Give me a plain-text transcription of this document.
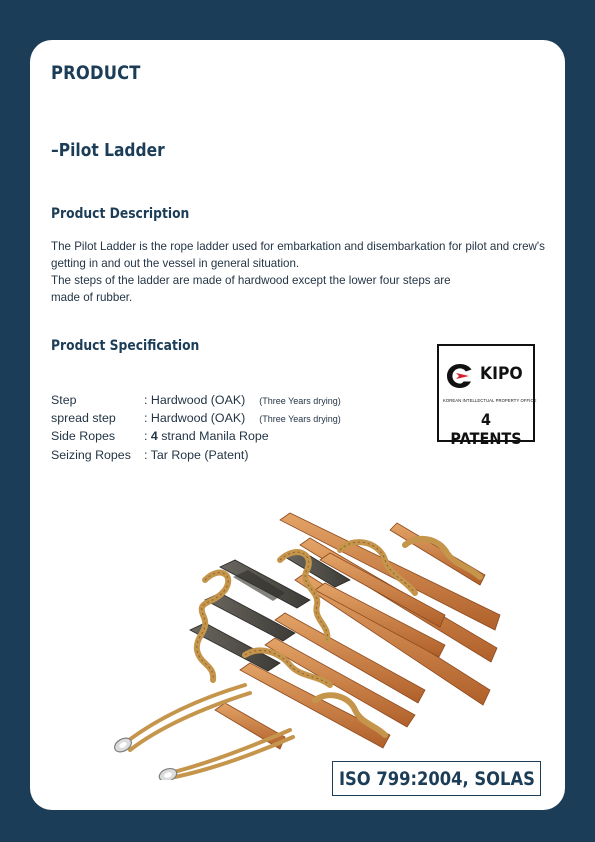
PRODUCT
–Pilot Ladder
Product Description

The Pilot Ladder is the rope ladder used for embarkation and disembarkation for pilot and crew's getting in and out the vessel in general situation.

The steps of the ladder are made of hardwood except the lower four steps are made of rubber.

Product Specification
Step	: Hardwood (OAK) (Three Years drying)
spread step	: Hardwood (OAK) (Three Years drying)
Side Ropes	: 4 strand Manila Rope
Seizing Ropes	: Tar Rope (Patent)
KIPO
KOREAN INTELLECTUAL PROPERTY OFFICE
4 PATENTS
ISO 799:2004, SOLAS
